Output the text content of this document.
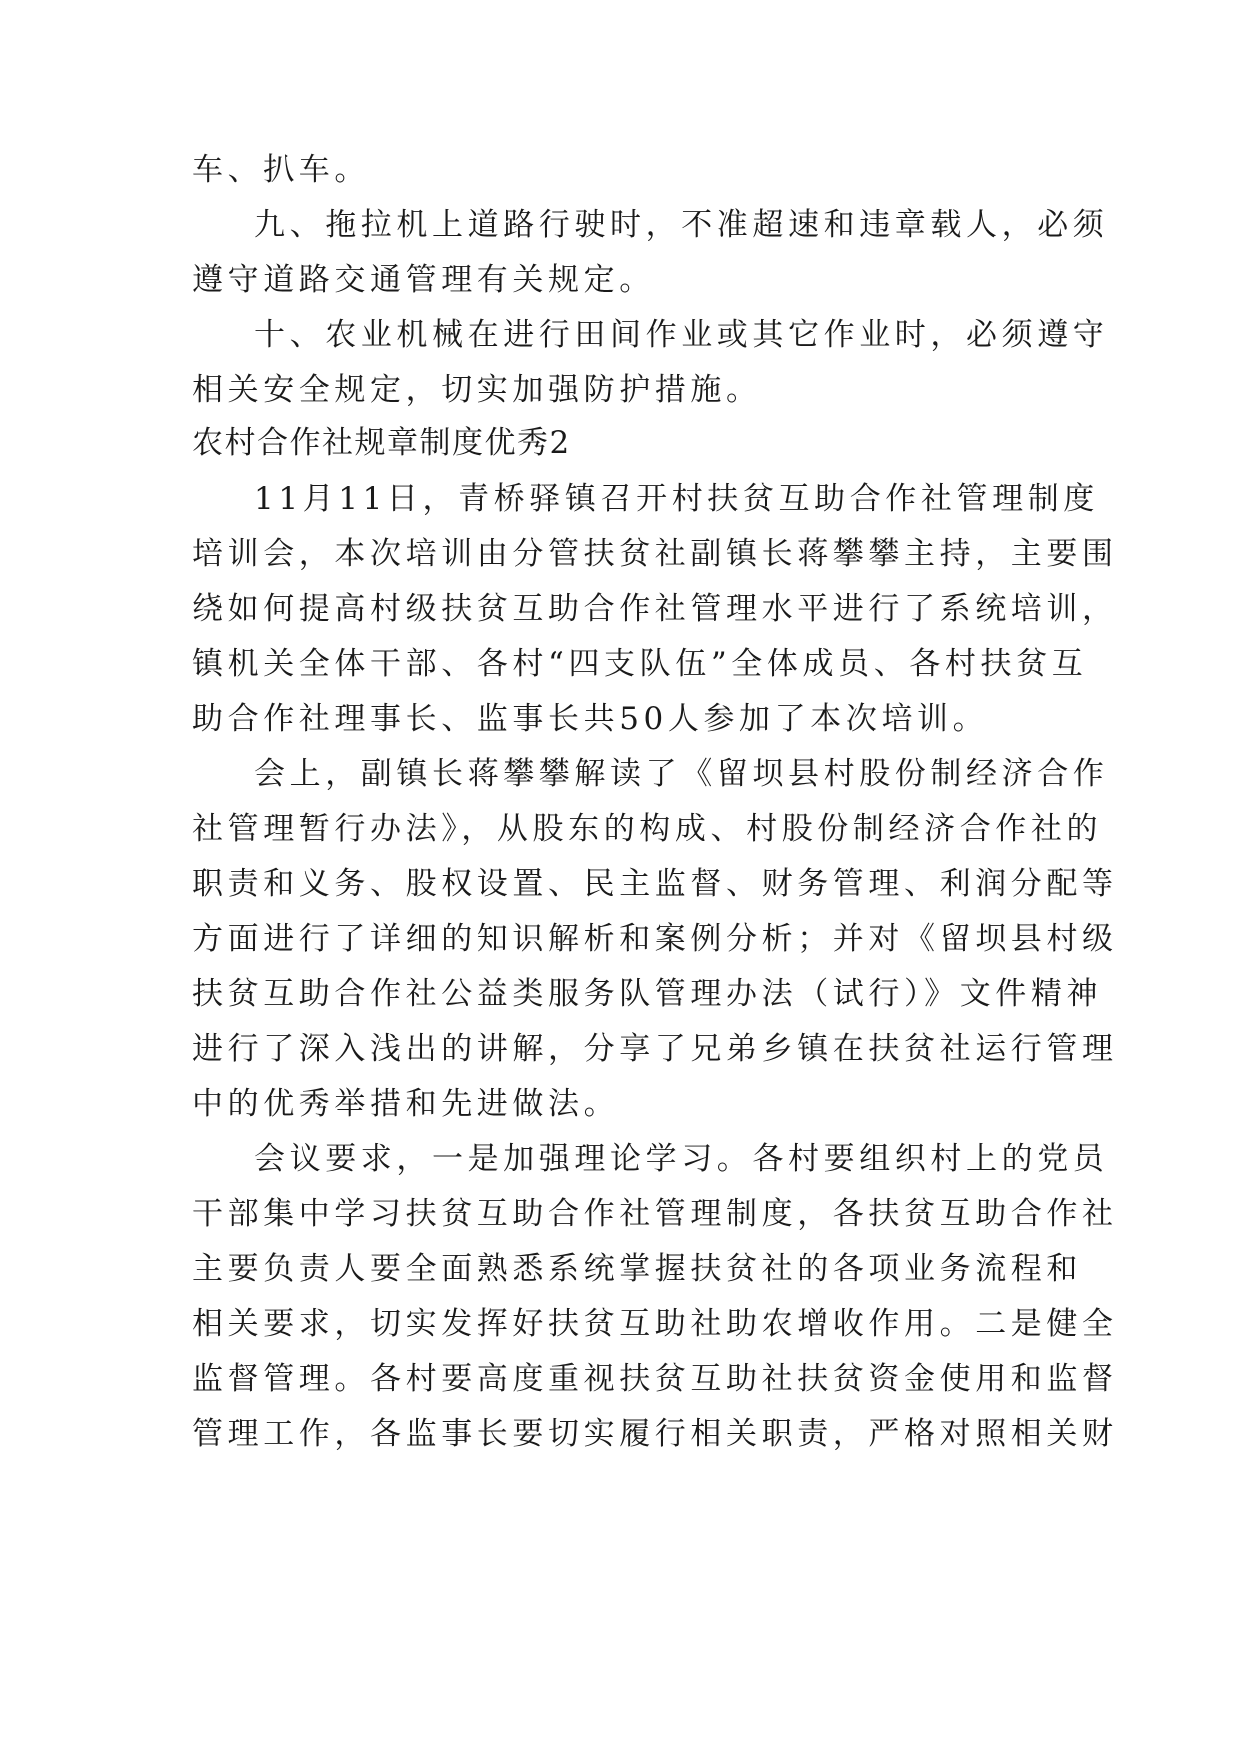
车、扒车。
九、拖拉机上道路行驶时，不准超速和违章载人，必须
遵守道路交通管理有关规定。
十、农业机械在进行田间作业或其它作业时，必须遵守
相关安全规定，切实加强防护措施。
农村合作社规章制度优秀2
11月11日，青桥驿镇召开村扶贫互助合作社管理制度
培训会，本次培训由分管扶贫社副镇长蒋攀攀主持，主要围
绕如何提高村级扶贫互助合作社管理水平进行了系统培训，
镇机关全体干部、各村“四支队伍”全体成员、各村扶贫互
助合作社理事长、监事长共50人参加了本次培训。
会上，副镇长蒋攀攀解读了《留坝县村股份制经济合作
社管理暂行办法》，从股东的构成、村股份制经济合作社的
职责和义务、股权设置、民主监督、财务管理、利润分配等
方面进行了详细的知识解析和案例分析；并对《留坝县村级
扶贫互助合作社公益类服务队管理办法（试行）》文件精神
进行了深入浅出的讲解，分享了兄弟乡镇在扶贫社运行管理
中的优秀举措和先进做法。
会议要求，一是加强理论学习。各村要组织村上的党员
干部集中学习扶贫互助合作社管理制度，各扶贫互助合作社
主要负责人要全面熟悉系统掌握扶贫社的各项业务流程和
相关要求，切实发挥好扶贫互助社助农增收作用。二是健全
监督管理。各村要高度重视扶贫互助社扶贫资金使用和监督
管理工作，各监事长要切实履行相关职责，严格对照相关财
